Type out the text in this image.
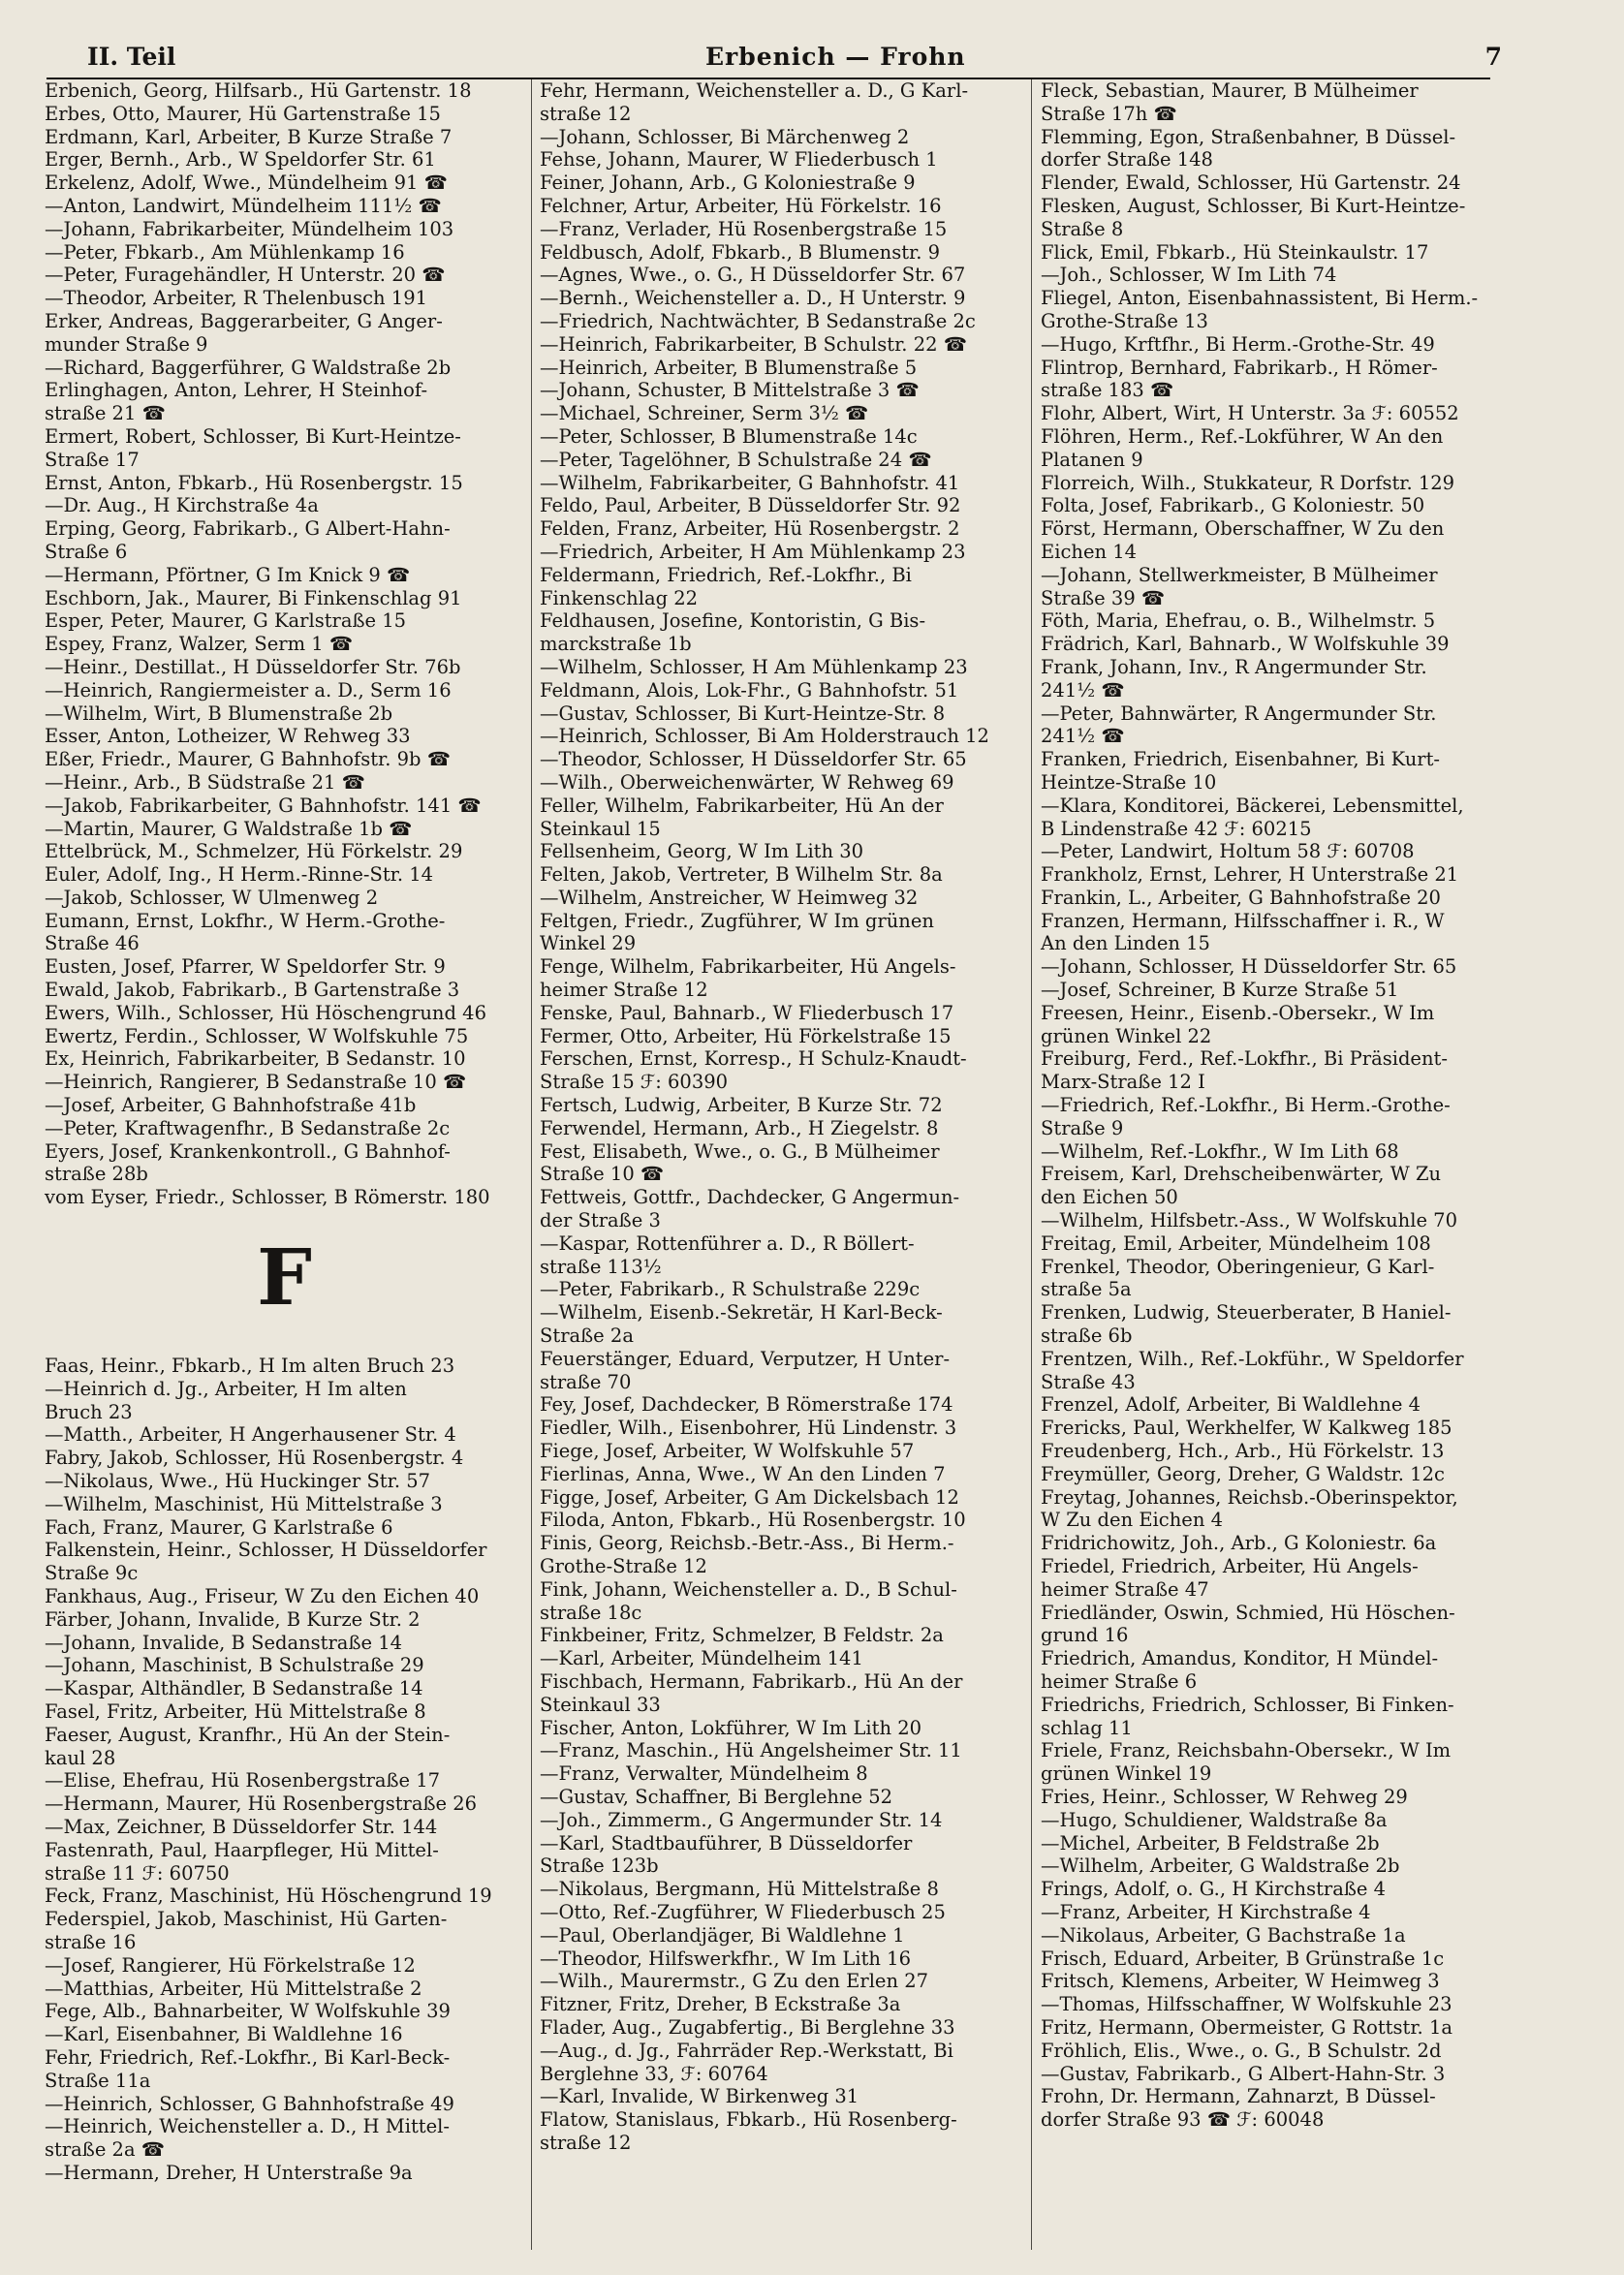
II. Teil	Erbenich — Frohn	7
Erbenich, Georg, Hilfsarb., Hü Gartenstr. 18
Erbes, Otto, Maurer, Hü Gartenstraße 15
Erdmann, Karl, Arbeiter, B Kurze Straße 7
Erger, Bernh., Arb., W Speldorfer Str. 61
Erkelenz, Adolf, Wwe., Mündelheim 91 ☎
—Anton, Landwirt, Mündelheim 111½ ☎
—Johann, Fabrikarbeiter, Mündelheim 103
—Peter, Fbkarb., Am Mühlenkamp 16
—Peter, Furagehändler, H Unterstr. 20 ☎
—Theodor, Arbeiter, R Thelenbusch 191
Erker, Andreas, Baggerarbeiter, G Anger-
munder Straße 9
—Richard, Baggerführer, G Waldstraße 2b
Erlinghagen, Anton, Lehrer, H Steinhof-
straße 21 ☎
Ermert, Robert, Schlosser, Bi Kurt-Heintze-
Straße 17
Ernst, Anton, Fbkarb., Hü Rosenbergstr. 15
—Dr. Aug., H Kirchstraße 4a
Erping, Georg, Fabrikarb., G Albert-Hahn-
Straße 6
—Hermann, Pförtner, G Im Knick 9 ☎
Eschborn, Jak., Maurer, Bi Finkenschlag 91
Esper, Peter, Maurer, G Karlstraße 15
Espey, Franz, Walzer, Serm 1 ☎
—Heinr., Destillat., H Düsseldorfer Str. 76b
—Heinrich, Rangiermeister a. D., Serm 16
—Wilhelm, Wirt, B Blumenstraße 2b
Esser, Anton, Lotheizer, W Rehweg 33
Eßer, Friedr., Maurer, G Bahnhofstr. 9b ☎
—Heinr., Arb., B Südstraße 21 ☎
—Jakob, Fabrikarbeiter, G Bahnhofstr. 141 ☎
—Martin, Maurer, G Waldstraße 1b ☎
Ettelbrück, M., Schmelzer, Hü Förkelstr. 29
Euler, Adolf, Ing., H Herm.-Rinne-Str. 14
—Jakob, Schlosser, W Ulmenweg 2
Eumann, Ernst, Lokfhr., W Herm.-Grothe-
Straße 46
Eusten, Josef, Pfarrer, W Speldorfer Str. 9
Ewald, Jakob, Fabrikarb., B Gartenstraße 3
Ewers, Wilh., Schlosser, Hü Höschengrund 46
Ewertz, Ferdin., Schlosser, W Wolfskuhle 75
Ex, Heinrich, Fabrikarbeiter, B Sedanstr. 10
—Heinrich, Rangierer, B Sedanstraße 10 ☎
—Josef, Arbeiter, G Bahnhofstraße 41b
—Peter, Kraftwagenfhr., B Sedanstraße 2c
Eyers, Josef, Krankenkontroll., G Bahnhof-
straße 28b
vom Eyser, Friedr., Schlosser, B Römerstr. 180
F
Faas, Heinr., Fbkarb., H Im alten Bruch 23
—Heinrich d. Jg., Arbeiter, H Im alten
Bruch 23
—Matth., Arbeiter, H Angerhausener Str. 4
Fabry, Jakob, Schlosser, Hü Rosenbergstr. 4
—Nikolaus, Wwe., Hü Huckinger Str. 57
—Wilhelm, Maschinist, Hü Mittelstraße 3
Fach, Franz, Maurer, G Karlstraße 6
Falkenstein, Heinr., Schlosser, H Düsseldorfer
Straße 9c
Fankhaus, Aug., Friseur, W Zu den Eichen 40
Färber, Johann, Invalide, B Kurze Str. 2
—Johann, Invalide, B Sedanstraße 14
—Johann, Maschinist, B Schulstraße 29
—Kaspar, Althändler, B Sedanstraße 14
Fasel, Fritz, Arbeiter, Hü Mittelstraße 8
Faeser, August, Kranfhr., Hü An der Stein-
kaul 28
—Elise, Ehefrau, Hü Rosenbergstraße 17
—Hermann, Maurer, Hü Rosenbergstraße 26
—Max, Zeichner, B Düsseldorfer Str. 144
Fastenrath, Paul, Haarpfleger, Hü Mittel-
straße 11 ℱ: 60750
Feck, Franz, Maschinist, Hü Höschengrund 19
Federspiel, Jakob, Maschinist, Hü Garten-
straße 16
—Josef, Rangierer, Hü Förkelstraße 12
—Matthias, Arbeiter, Hü Mittelstraße 2
Fege, Alb., Bahnarbeiter, W Wolfskuhle 39
—Karl, Eisenbahner, Bi Waldlehne 16
Fehr, Friedrich, Ref.-Lokfhr., Bi Karl-Beck-
Straße 11a
—Heinrich, Schlosser, G Bahnhofstraße 49
—Heinrich, Weichensteller a. D., H Mittel-
straße 2a ☎
—Hermann, Dreher, H Unterstraße 9a
Fehr, Hermann, Weichensteller a. D., G Karl-
straße 12
—Johann, Schlosser, Bi Märchenweg 2
Fehse, Johann, Maurer, W Fliederbusch 1
Feiner, Johann, Arb., G Koloniestraße 9
Felchner, Artur, Arbeiter, Hü Förkelstr. 16
—Franz, Verlader, Hü Rosenbergstraße 15
Feldbusch, Adolf, Fbkarb., B Blumenstr. 9
—Agnes, Wwe., o. G., H Düsseldorfer Str. 67
—Bernh., Weichensteller a. D., H Unterstr. 9
—Friedrich, Nachtwächter, B Sedanstraße 2c
—Heinrich, Fabrikarbeiter, B Schulstr. 22 ☎
—Heinrich, Arbeiter, B Blumenstraße 5
—Johann, Schuster, B Mittelstraße 3 ☎
—Michael, Schreiner, Serm 3½ ☎
—Peter, Schlosser, B Blumenstraße 14c
—Peter, Tagelöhner, B Schulstraße 24 ☎
—Wilhelm, Fabrikarbeiter, G Bahnhofstr. 41
Feldo, Paul, Arbeiter, B Düsseldorfer Str. 92
Felden, Franz, Arbeiter, Hü Rosenbergstr. 2
—Friedrich, Arbeiter, H Am Mühlenkamp 23
Feldermann, Friedrich, Ref.-Lokfhr., Bi
Finkenschlag 22
Feldhausen, Josefine, Kontoristin, G Bis-
marckstraße 1b
—Wilhelm, Schlosser, H Am Mühlenkamp 23
Feldmann, Alois, Lok-Fhr., G Bahnhofstr. 51
—Gustav, Schlosser, Bi Kurt-Heintze-Str. 8
—Heinrich, Schlosser, Bi Am Holderstrauch 12
—Theodor, Schlosser, H Düsseldorfer Str. 65
—Wilh., Oberweichenwärter, W Rehweg 69
Feller, Wilhelm, Fabrikarbeiter, Hü An der
Steinkaul 15
Fellsenheim, Georg, W Im Lith 30
Felten, Jakob, Vertreter, B Wilhelm Str. 8a
—Wilhelm, Anstreicher, W Heimweg 32
Feltgen, Friedr., Zugführer, W Im grünen
Winkel 29
Fenge, Wilhelm, Fabrikarbeiter, Hü Angels-
heimer Straße 12
Fenske, Paul, Bahnarb., W Fliederbusch 17
Fermer, Otto, Arbeiter, Hü Förkelstraße 15
Ferschen, Ernst, Korresp., H Schulz-Knaudt-
Straße 15 ℱ: 60390
Fertsch, Ludwig, Arbeiter, B Kurze Str. 72
Ferwendel, Hermann, Arb., H Ziegelstr. 8
Fest, Elisabeth, Wwe., o. G., B Mülheimer
Straße 10 ☎
Fettweis, Gottfr., Dachdecker, G Angermun-
der Straße 3
—Kaspar, Rottenführer a. D., R Böllert-
straße 113½
—Peter, Fabrikarb., R Schulstraße 229c
—Wilhelm, Eisenb.-Sekretär, H Karl-Beck-
Straße 2a
Feuerstänger, Eduard, Verputzer, H Unter-
straße 70
Fey, Josef, Dachdecker, B Römerstraße 174
Fiedler, Wilh., Eisenbohrer, Hü Lindenstr. 3
Fiege, Josef, Arbeiter, W Wolfskuhle 57
Fierlinas, Anna, Wwe., W An den Linden 7
Figge, Josef, Arbeiter, G Am Dickelsbach 12
Filoda, Anton, Fbkarb., Hü Rosenbergstr. 10
Finis, Georg, Reichsb.-Betr.-Ass., Bi Herm.-
Grothe-Straße 12
Fink, Johann, Weichensteller a. D., B Schul-
straße 18c
Finkbeiner, Fritz, Schmelzer, B Feldstr. 2a
—Karl, Arbeiter, Mündelheim 141
Fischbach, Hermann, Fabrikarb., Hü An der
Steinkaul 33
Fischer, Anton, Lokführer, W Im Lith 20
—Franz, Maschin., Hü Angelsheimer Str. 11
—Franz, Verwalter, Mündelheim 8
—Gustav, Schaffner, Bi Berglehne 52
—Joh., Zimmerm., G Angermunder Str. 14
—Karl, Stadtbauführer, B Düsseldorfer
Straße 123b
—Nikolaus, Bergmann, Hü Mittelstraße 8
—Otto, Ref.-Zugführer, W Fliederbusch 25
—Paul, Oberlandjäger, Bi Waldlehne 1
—Theodor, Hilfswerkfhr., W Im Lith 16
—Wilh., Maurermstr., G Zu den Erlen 27
Fitzner, Fritz, Dreher, B Eckstraße 3a
Flader, Aug., Zugabfertig., Bi Berglehne 33
—Aug., d. Jg., Fahrräder Rep.-Werkstatt, Bi
Berglehne 33, ℱ: 60764
—Karl, Invalide, W Birkenweg 31
Flatow, Stanislaus, Fbkarb., Hü Rosenberg-
straße 12
Fleck, Sebastian, Maurer, B Mülheimer
Straße 17h ☎
Flemming, Egon, Straßenbahner, B Düssel-
dorfer Straße 148
Flender, Ewald, Schlosser, Hü Gartenstr. 24
Flesken, August, Schlosser, Bi Kurt-Heintze-
Straße 8
Flick, Emil, Fbkarb., Hü Steinkaulstr. 17
—Joh., Schlosser, W Im Lith 74
Fliegel, Anton, Eisenbahnassistent, Bi Herm.-
Grothe-Straße 13
—Hugo, Krftfhr., Bi Herm.-Grothe-Str. 49
Flintrop, Bernhard, Fabrikarb., H Römer-
straße 183 ☎
Flohr, Albert, Wirt, H Unterstr. 3a ℱ: 60552
Flöhren, Herm., Ref.-Lokführer, W An den
Platanen 9
Florreich, Wilh., Stukkateur, R Dorfstr. 129
Folta, Josef, Fabrikarb., G Koloniestr. 50
Först, Hermann, Oberschaffner, W Zu den
Eichen 14
—Johann, Stellwerkmeister, B Mülheimer
Straße 39 ☎
Föth, Maria, Ehefrau, o. B., Wilhelmstr. 5
Frädrich, Karl, Bahnarb., W Wolfskuhle 39
Frank, Johann, Inv., R Angermunder Str.
241½ ☎
—Peter, Bahnwärter, R Angermunder Str.
241½ ☎
Franken, Friedrich, Eisenbahner, Bi Kurt-
Heintze-Straße 10
—Klara, Konditorei, Bäckerei, Lebensmittel,
B Lindenstraße 42 ℱ: 60215
—Peter, Landwirt, Holtum 58 ℱ: 60708
Frankholz, Ernst, Lehrer, H Unterstraße 21
Frankin, L., Arbeiter, G Bahnhofstraße 20
Franzen, Hermann, Hilfsschaffner i. R., W
An den Linden 15
—Johann, Schlosser, H Düsseldorfer Str. 65
—Josef, Schreiner, B Kurze Straße 51
Freesen, Heinr., Eisenb.-Obersekr., W Im
grünen Winkel 22
Freiburg, Ferd., Ref.-Lokfhr., Bi Präsident-
Marx-Straße 12 I
—Friedrich, Ref.-Lokfhr., Bi Herm.-Grothe-
Straße 9
—Wilhelm, Ref.-Lokfhr., W Im Lith 68
Freisem, Karl, Drehscheibenwärter, W Zu
den Eichen 50
—Wilhelm, Hilfsbetr.-Ass., W Wolfskuhle 70
Freitag, Emil, Arbeiter, Mündelheim 108
Frenkel, Theodor, Oberingenieur, G Karl-
straße 5a
Frenken, Ludwig, Steuerberater, B Haniel-
straße 6b
Frentzen, Wilh., Ref.-Lokführ., W Speldorfer
Straße 43
Frenzel, Adolf, Arbeiter, Bi Waldlehne 4
Frericks, Paul, Werkhelfer, W Kalkweg 185
Freudenberg, Hch., Arb., Hü Förkelstr. 13
Freymüller, Georg, Dreher, G Waldstr. 12c
Freytag, Johannes, Reichsb.-Oberinspektor,
W Zu den Eichen 4
Fridrichowitz, Joh., Arb., G Koloniestr. 6a
Friedel, Friedrich, Arbeiter, Hü Angels-
heimer Straße 47
Friedländer, Oswin, Schmied, Hü Höschen-
grund 16
Friedrich, Amandus, Konditor, H Mündel-
heimer Straße 6
Friedrichs, Friedrich, Schlosser, Bi Finken-
schlag 11
Friele, Franz, Reichsbahn-Obersekr., W Im
grünen Winkel 19
Fries, Heinr., Schlosser, W Rehweg 29
—Hugo, Schuldiener, Waldstraße 8a
—Michel, Arbeiter, B Feldstraße 2b
—Wilhelm, Arbeiter, G Waldstraße 2b
Frings, Adolf, o. G., H Kirchstraße 4
—Franz, Arbeiter, H Kirchstraße 4
—Nikolaus, Arbeiter, G Bachstraße 1a
Frisch, Eduard, Arbeiter, B Grünstraße 1c
Fritsch, Klemens, Arbeiter, W Heimweg 3
—Thomas, Hilfsschaffner, W Wolfskuhle 23
Fritz, Hermann, Obermeister, G Rottstr. 1a
Fröhlich, Elis., Wwe., o. G., B Schulstr. 2d
—Gustav, Fabrikarb., G Albert-Hahn-Str. 3
Frohn, Dr. Hermann, Zahnarzt, B Düssel-
dorfer Straße 93 ☎ ℱ: 60048
